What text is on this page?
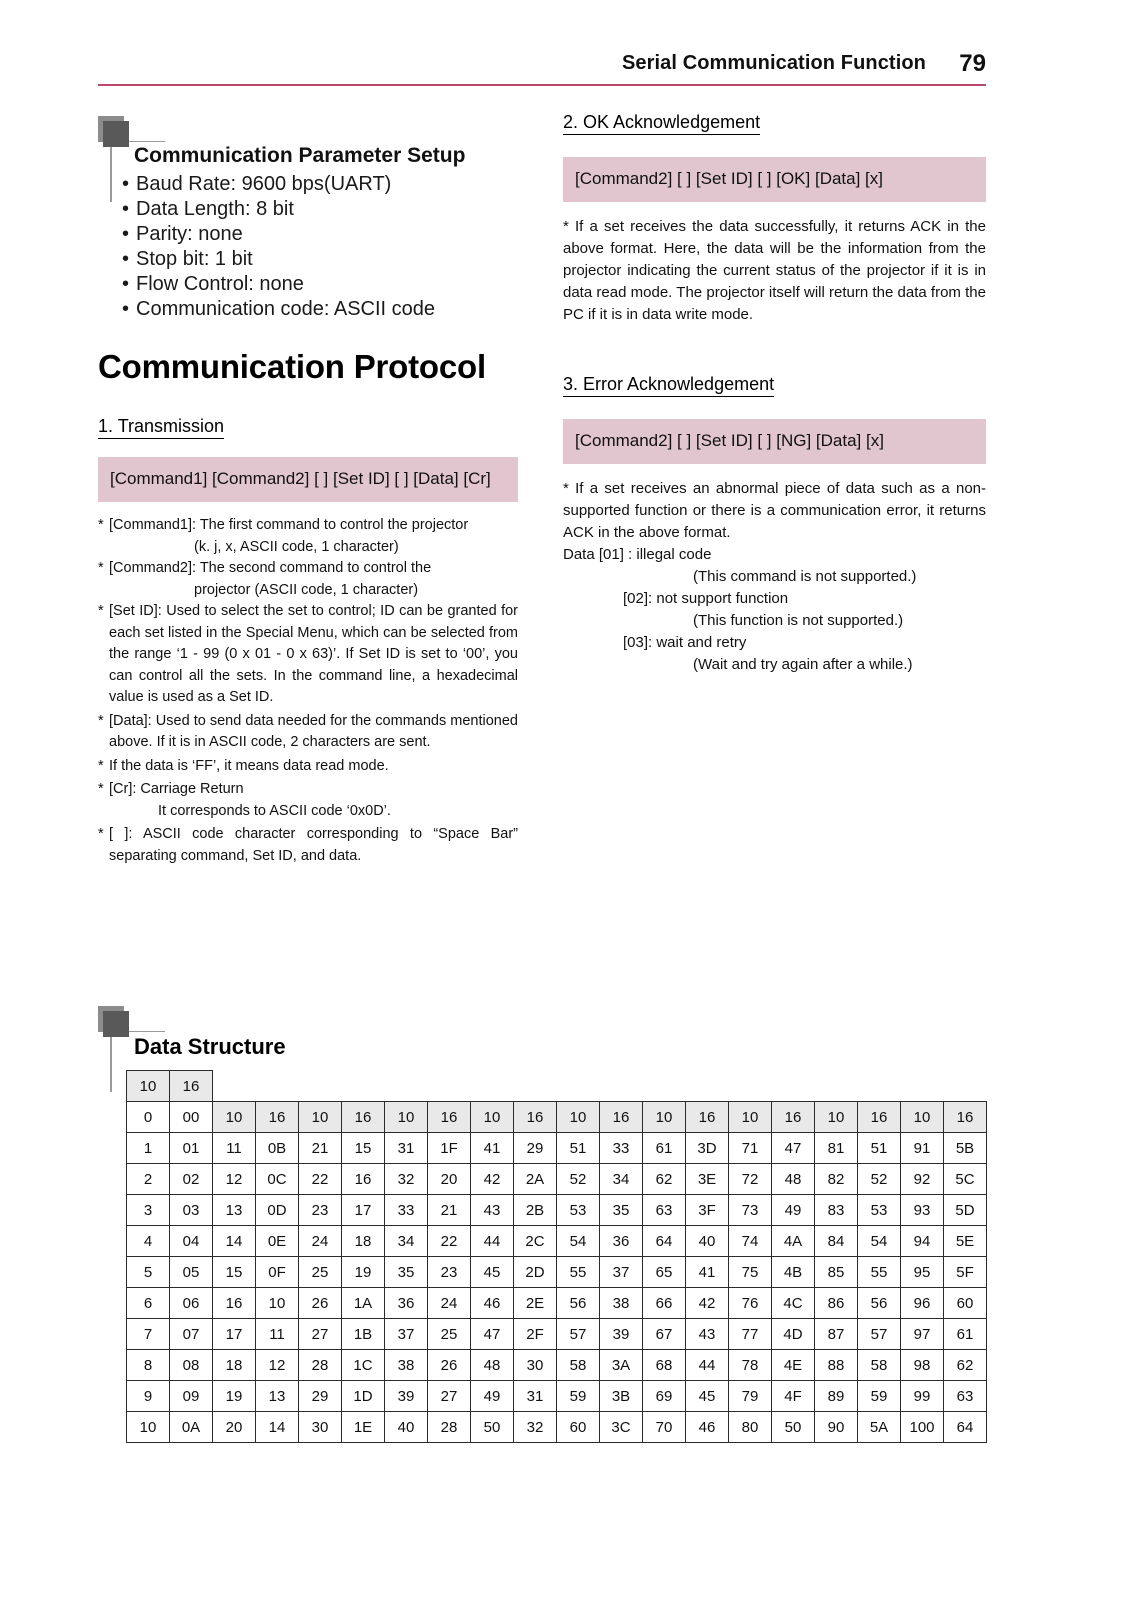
Serial Communication Function 79
Communication Parameter Setup
• Baud Rate: 9600 bps(UART)
• Data Length: 8 bit
• Parity: none
• Stop bit: 1 bit
• Flow Control: none
• Communication code: ASCII code
Communication Protocol
1. Transmission
[Command1] [Command2] [ ] [Set ID] [ ] [Data] [Cr]
* [Command1]: The first command to control the projector
(k. j, x, ASCII code, 1 character)
* [Command2]: The second command to control the
projector (ASCII code, 1 character)
* [Set ID]: Used to select the set to control; ID can be granted for each set listed in the Special Menu, which can be selected from the range ‘1 - 99 (0 x 01 - 0 x 63)’. If Set ID is set to ‘00’, you can control all the sets. In the command line, a hexadecimal value is used as a Set ID.
* [Data]: Used to send data needed for the commands mentioned above. If it is in ASCII code, 2 characters are sent.
* If the data is ‘FF’, it means data read mode.
* [Cr]: Carriage Return
It corresponds to ASCII code ‘0x0D’.
* [ ]: ASCII code character corresponding to “Space Bar” separating command, Set ID, and data.
2. OK Acknowledgement
[Command2] [ ] [Set ID] [ ] [OK] [Data] [x]
* If a set receives the data successfully, it returns ACK in the above format. Here, the data will be the information from the projector indicating the current status of the projector if it is in data read mode. The projector itself will return the data from the PC if it is in data write mode.
3. Error Acknowledgement
[Command2] [ ] [Set ID] [ ] [NG] [Data] [x]
* If a set receives an abnormal piece of data such as a non-supported function or there is a communication error, it returns ACK in the above format.
Data [01] : illegal code
(This command is not supported.)
[02]: not support function
(This function is not supported.)
[03]: wait and retry
(Wait and try again after a while.)
Data Structure
10	16																		
0	00	10	16	10	16	10	16	10	16	10	16	10	16	10	16	10	16	10	16
1	01	11	0B	21	15	31	1F	41	29	51	33	61	3D	71	47	81	51	91	5B
2	02	12	0C	22	16	32	20	42	2A	52	34	62	3E	72	48	82	52	92	5C
3	03	13	0D	23	17	33	21	43	2B	53	35	63	3F	73	49	83	53	93	5D
4	04	14	0E	24	18	34	22	44	2C	54	36	64	40	74	4A	84	54	94	5E
5	05	15	0F	25	19	35	23	45	2D	55	37	65	41	75	4B	85	55	95	5F
6	06	16	10	26	1A	36	24	46	2E	56	38	66	42	76	4C	86	56	96	60
7	07	17	11	27	1B	37	25	47	2F	57	39	67	43	77	4D	87	57	97	61
8	08	18	12	28	1C	38	26	48	30	58	3A	68	44	78	4E	88	58	98	62
9	09	19	13	29	1D	39	27	49	31	59	3B	69	45	79	4F	89	59	99	63
10	0A	20	14	30	1E	40	28	50	32	60	3C	70	46	80	50	90	5A	100	64
